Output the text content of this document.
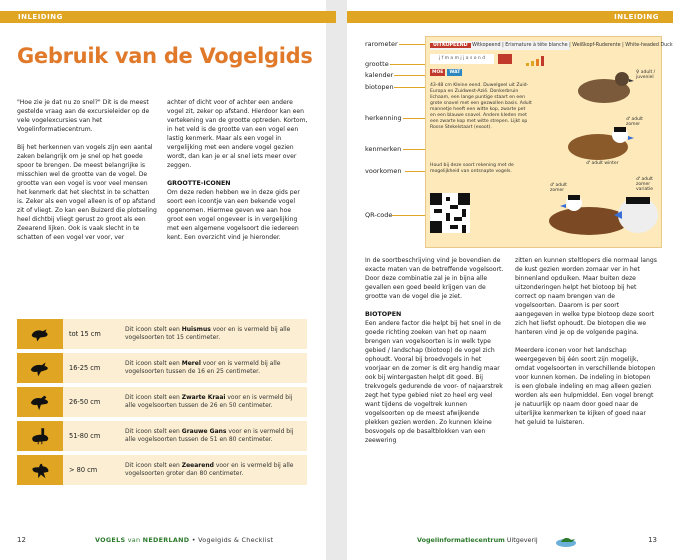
INLEIDING
Gebruik van de Vogelgids

"Hoe zie je dat nu zo snel?" Dit is de meest gestelde vraag aan de excursieleider op de vele vogelexcursies van het Vogelinformatiecentrum.

Bij het herkennen van vogels zijn een aantal zaken belangrijk om je snel op het goede spoor te brengen. De meest belangrijke is misschien wel de grootte van de vogel. De grootte van een vogel is voor veel mensen het kenmerk dat het slechtst in te schatten is. Zeker als een vogel alleen is of op afstand zit of vliegt. Zo kan een Buizerd die plotseling heel dichtbij vliegt gerust zo groot als een Zeearend lijken. Ook is vaak slecht in te schatten of een vogel ver voor, ver

achter of dicht voor of achter een andere vogel zit, zeker op afstand. Hierdoor kan een vertekening van de grootte optreden. Kortom, in het veld is de grootte van een vogel een lastig kenmerk. Maar als een vogel in vergelijking met een andere vogel gezien wordt, dan kan je er al snel iets meer over zeggen.

GROOTTE-ICONEN

Om deze reden hebben we in deze gids per soort een icoontje van een bekende vogel opgenomen. Hiermee geven we aan hoe groot een vogel ongeveer is in vergelijking met een algemene vogelsoort die iedereen kent. Een overzicht vind je hieronder.

tot 15 cm
Dit icoon stelt een Huismus voor en is vermeld bij alle vogelsoorten tot 15 centimeter.
16-25 cm
Dit icoon stelt een Merel voor en is vermeld bij alle vogelsoorten tussen de 16 en 25 centimeter.
26-50 cm
Dit icoon stelt een Zwarte Kraai voor en is vermeld bij alle vogelsoorten tussen de 26 en 50 centimeter.
51-80 cm
Dit icoon stelt een Grauwe Gans voor en is vermeld bij alle vogelsoorten tussen de 51 en 80 centimeter.
> 80 cm
Dit icoon stelt een Zeearend voor en is vermeld bij alle vogelsoorten groter dan 80 centimeter.
12	VOGELS van NEDERLAND • Vogelgids & Checklist
INLEIDING
rarometer
grootte
kalender
biotopen
herkenning
kenmerken
voorkomen
QR-code
UITKOPEEND Witkopeend | Erismature à tête blanche | Weißkopf-Ruderente | White-headed Duck
j f m a m j j a s o n d
MOE	WAT
43-48 cm Kleine eend. Duwelgeel uit Zuid-Europa en Zuidwest-Azië. Donkerbruin lichaam, een lange puntige staart en een grote snavel met een gezwollen basis. Adult mannetje heeft een witte kop, zwarte pet en een blauwe snavel. Andere kleden met een zwarte kop met witte strepen. Lijkt op Rosse Stekelstaart (exoot).
Houd bij deze soort rekening met de mogelijkheid van ontsnapte vogels.
♀ adult / juveniel
♂ adult zomer
♂ adult winter
♂ adult zomer
♂ adult zomer variatie

In de soortbeschrijving vind je bovendien de exacte maten van de betreffende vogelsoort. Door deze combinatie zal je in bijna alle gevallen een goed beeld krijgen van de grootte van de vogel die je ziet.

BIOTOPEN

Een andere factor die helpt bij het snel in de goede richting zoeken van het op naam brengen van vogelsoorten is in welk type gebied / landschap (biotoop) de vogel zich ophoudt. Vooral bij broedvogels in het voorjaar en de zomer is dit erg handig maar ook bij wintergasten helpt dit goed. Bij trekvogels gedurende de voor- of najaarstrek zegt het type gebied niet zo heel erg veel want tijdens de vogeltrek kunnen vogelsoorten op de meest afwijkende plekken gezien worden. Zo kunnen kleine bosvogels op de basaltblokken van een zeewering

zitten en kunnen steltlopers die normaal langs de kust gezien worden zomaar ver in het binnenland opduiken. Maar buiten deze uitzonderingen helpt het biotoop bij het correct op naam brengen van de vogelsoorten. Daarom is per soort aangegeven in welke type biotoop deze soort zich het liefst ophoudt. De biotopen die we hanteren vind je op de volgende pagina.

Meerdere iconen voor het landschap weergegeven bij één soort zijn mogelijk, omdat vogelsoorten in verschillende biotopen voor kunnen komen. De indeling in biotopen is een globale indeling en mag alleen gezien worden als een hulpmiddel. Een vogel brengt je natuurlijk op naam door goed naar de uiterlijke kenmerken te kijken of goed naar het geluid te luisteren.

Vogelinformatiecentrum Uitgeverij	13
